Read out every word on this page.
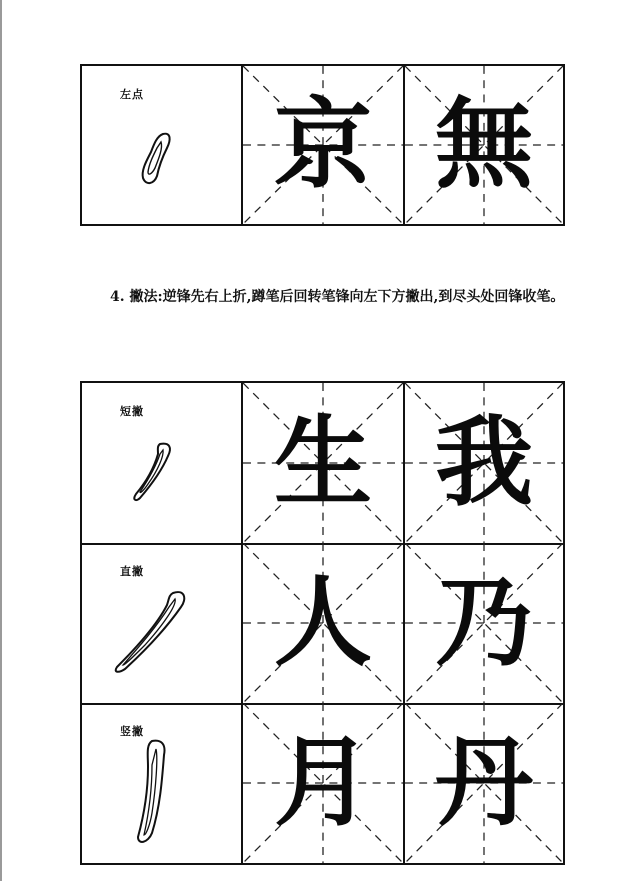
左点	京 無
4. 撇法:逆锋先右上折,蹲笔后回转笔锋向左下方撇出,到尽头处回锋收笔。
短撇	生 我
直撇	人 乃
竖撇	月 丹
